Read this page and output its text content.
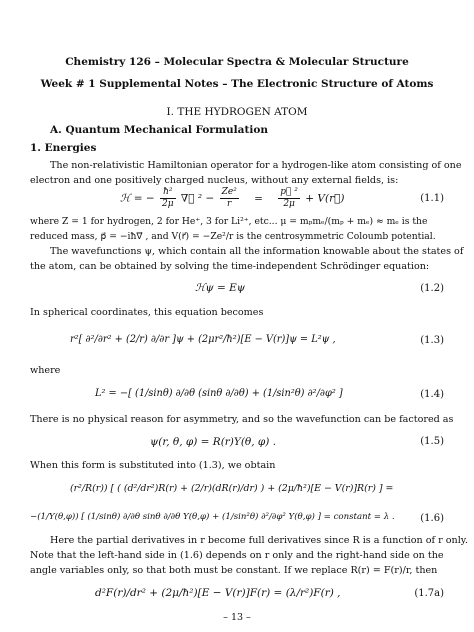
Chemistry 126 – Molecular Spectra & Molecular Structure
Week # 1 Supplemental Notes – The Electronic Structure of Atoms
I. THE HYDROGEN ATOM
A. Quantum Mechanical Formulation
1. Energies
The non-relativistic Hamiltonian operator for a hydrogen-like atom consisting of one
electron and one positively charged nucleus, without any external fields, is:
ℋ = − $\frac{\text{ħ²}}{2\mu}$ ∇⃗ $^2 - \frac{\text{Ze²}}{r} = \frac{\text{p⃗ ²}}{2\mu}$ + V(r⃗)	(1.1)
where Z = 1 for hydrogen, 2 for He⁺, 3 for Li²⁺, etc... μ = mₚmₑ/(mₚ + mₑ) ≈ mₑ is the
reduced mass, p⃗ = −iħ∇⃗ , and V(r⃗) = −Ze²/r is the centrosymmetric Coloumb potential.
The wavefunctions ψ, which contain all the information knowable about the states of
the atom, can be obtained by solving the time-independent Schrödinger equation:
ℋψ = Eψ	(1.2)
In spherical coordinates, this equation becomes
r²[ ∂²/∂r² + (2/r) ∂/∂r ]ψ + (2μr²/ħ²)[E − V(r)]ψ = L²ψ ,	(1.3)
where
L² = −[ (1/sinθ) ∂/∂θ (sinθ ∂/∂θ) + (1/sin²θ) ∂²/∂φ² ]	(1.4)
There is no physical reason for asymmetry, and so the wavefunction can be factored as
ψ(r, θ, φ) = R(r)Y(θ, φ) .	(1.5)
When this form is substituted into (1.3), we obtain
(r²/R(r)) [ ( (d²/dr²)R(r) + (2/r)(dR(r)/dr) ) + (2μ/ħ²)[E − V(r)]R(r) ] =
−(1/Y(θ,φ)) [ (1/sinθ) ∂/∂θ sinθ ∂/∂θ Y(θ,φ) + (1/sin²θ) ∂²/∂φ² Y(θ,φ) ] = constant = λ .	(1.6)
Here the partial derivatives in r become full derivatives since R is a function of r only.
Note that the left-hand side in (1.6) depends on r only and the right-hand side on the
angle variables only, so that both must be constant. If we replace R(r) = F(r)/r, then
d²F(r)/dr² + (2μ/ħ²)[E − V(r)]F(r) = (λ/r²)F(r) ,	(1.7a)
– 13 –
